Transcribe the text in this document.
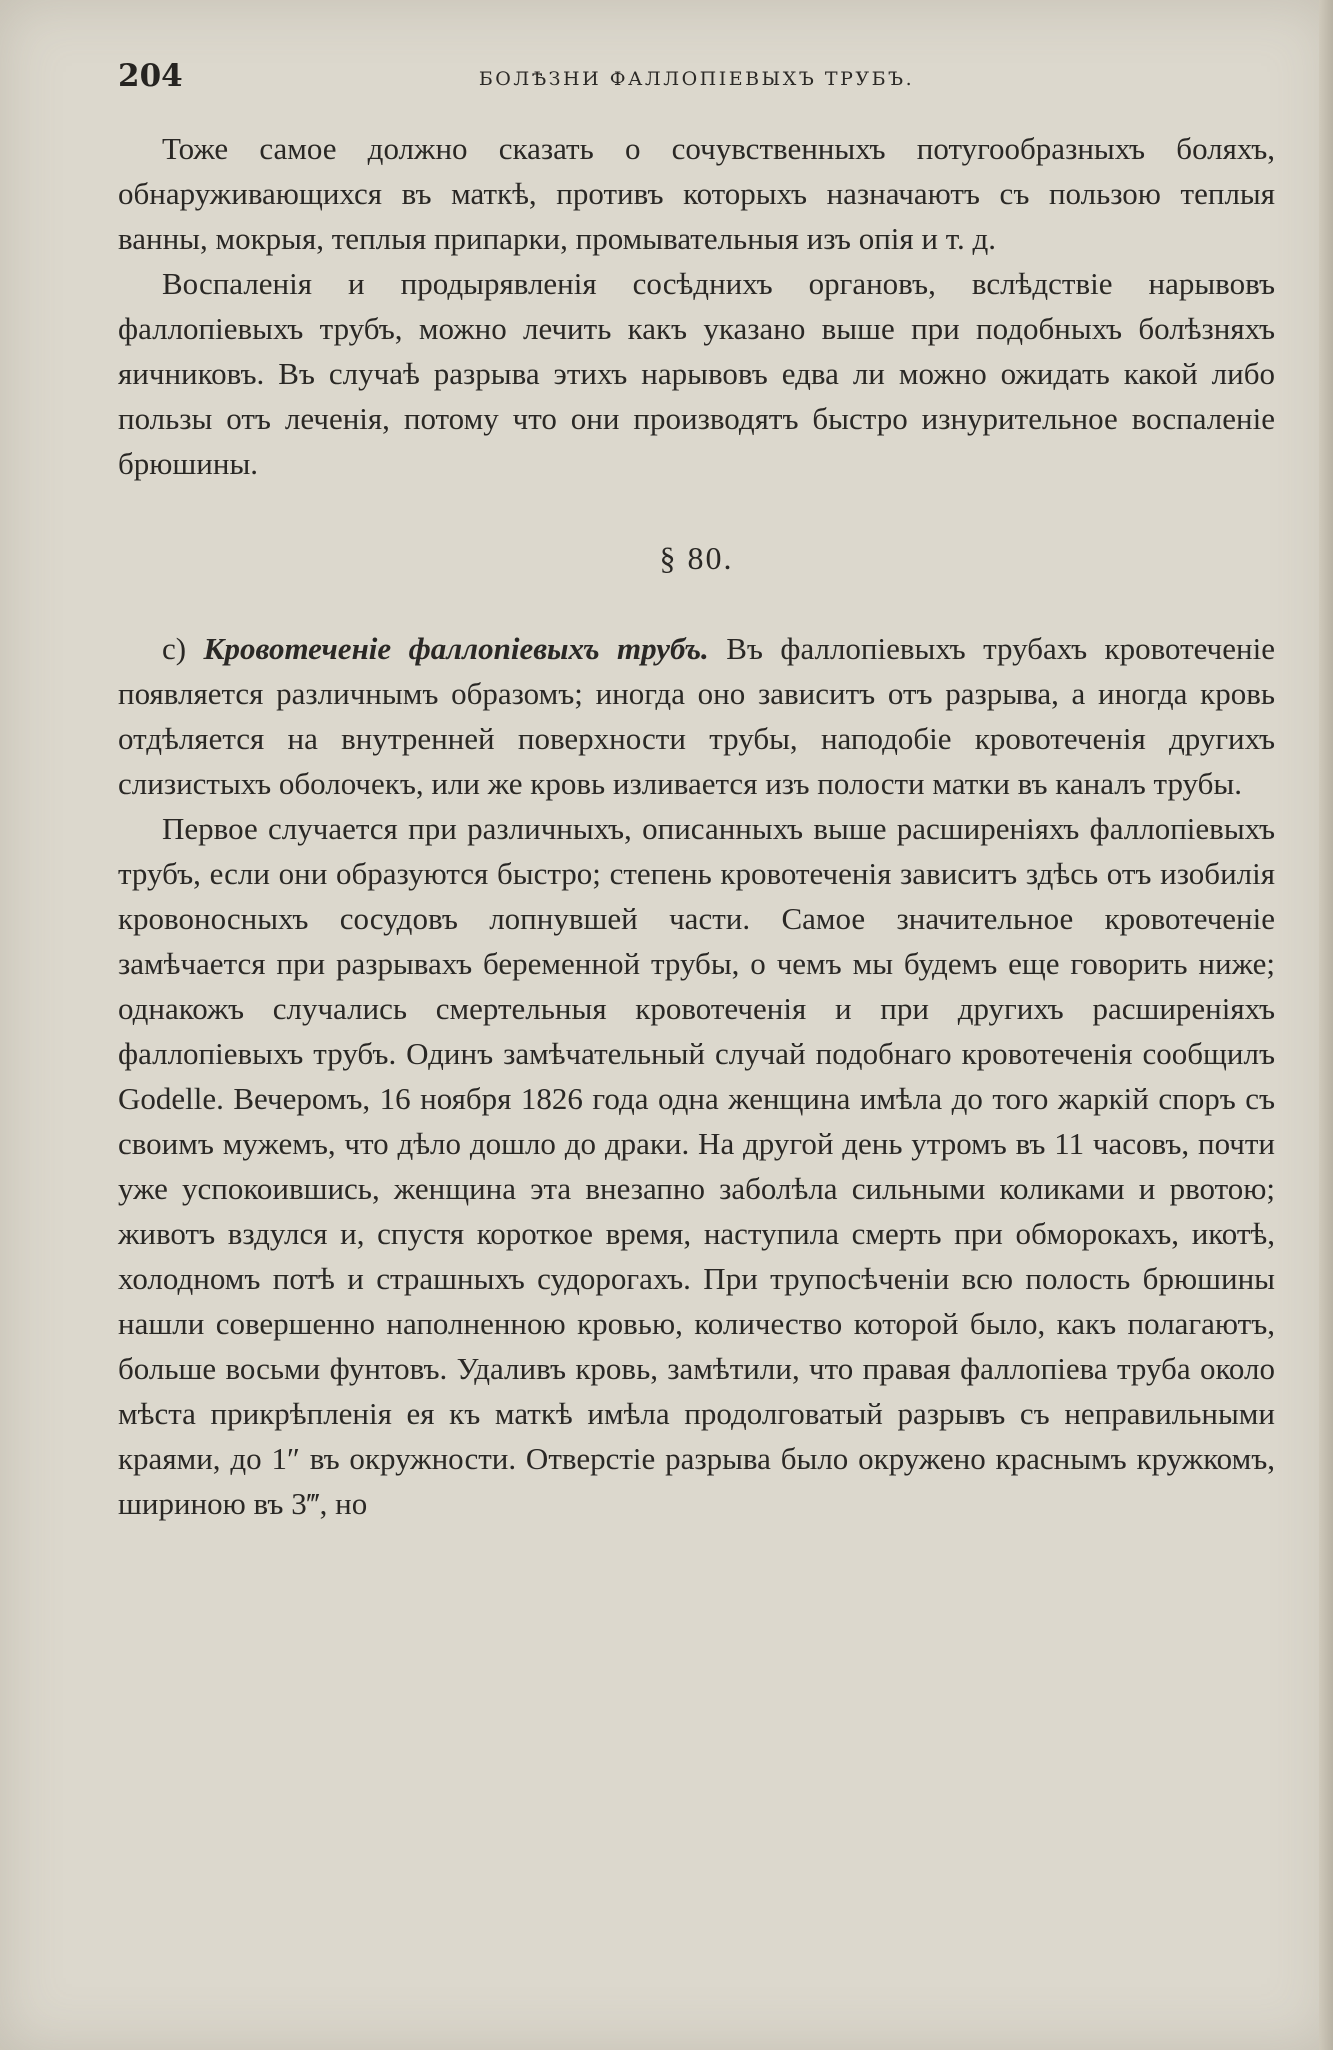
204	БОЛѢЗНИ ФАЛЛОПІЕВЫХЪ ТРУБЪ.

Тоже самое должно сказать о сочувственныхъ потугообразныхъ боляхъ, обнаруживающихся въ маткѣ, противъ которыхъ назначаютъ съ пользою теплыя ванны, мокрыя, теплыя припарки, промывательныя изъ опія и т. д.

Воспаленія и продырявленія сосѣднихъ органовъ, вслѣдствіе нарывовъ фаллопіевыхъ трубъ, можно лечить какъ указано выше при подобныхъ болѣзняхъ яичниковъ. Въ случаѣ разрыва этихъ нарывовъ едва ли можно ожидать какой либо пользы отъ леченія, потому что они производятъ быстро изнурительное воспаленіе брюшины.

§ 80.

c) Кровотеченіе фаллопіевыхъ трубъ. Въ фаллопіевыхъ трубахъ кровотеченіе появляется различнымъ образомъ; иногда оно зависитъ отъ разрыва, а иногда кровь отдѣляется на внутренней поверхности трубы, наподобіе кровотеченія другихъ слизистыхъ оболочекъ, или же кровь изливается изъ полости матки въ каналъ трубы.

Первое случается при различныхъ, описанныхъ выше расширеніяхъ фаллопіевыхъ трубъ, если они образуются быстро; степень кровотеченія зависитъ здѣсь отъ изобилія кровоносныхъ сосудовъ лопнувшей части. Самое значительное кровотеченіе замѣчается при разрывахъ беременной трубы, о чемъ мы будемъ еще говорить ниже; однакожъ случались смертельныя кровотеченія и при другихъ расширеніяхъ фаллопіевыхъ трубъ. Одинъ замѣчательный случай подобнаго кровотеченія сообщилъ Godelle. Вечеромъ, 16 ноября 1826 года одна женщина имѣла до того жаркій споръ съ своимъ мужемъ, что дѣло дошло до драки. На другой день утромъ въ 11 часовъ, почти уже успокоившись, женщина эта внезапно заболѣла сильными коликами и рвотою; животъ вздулся и, спустя короткое время, наступила смерть при обморокахъ, икотѣ, холодномъ потѣ и страшныхъ судорогахъ. При трупосѣченіи всю полость брюшины нашли совершенно наполненною кровью, количество которой было, какъ полагаютъ, больше восьми фунтовъ. Удаливъ кровь, замѣтили, что правая фаллопіева труба около мѣста прикрѣпленія ея къ маткѣ имѣла продолговатый разрывъ съ неправильными краями, до 1″ въ окружности. Отверстіе разрыва было окружено краснымъ кружкомъ, шириною въ 3‴, но
